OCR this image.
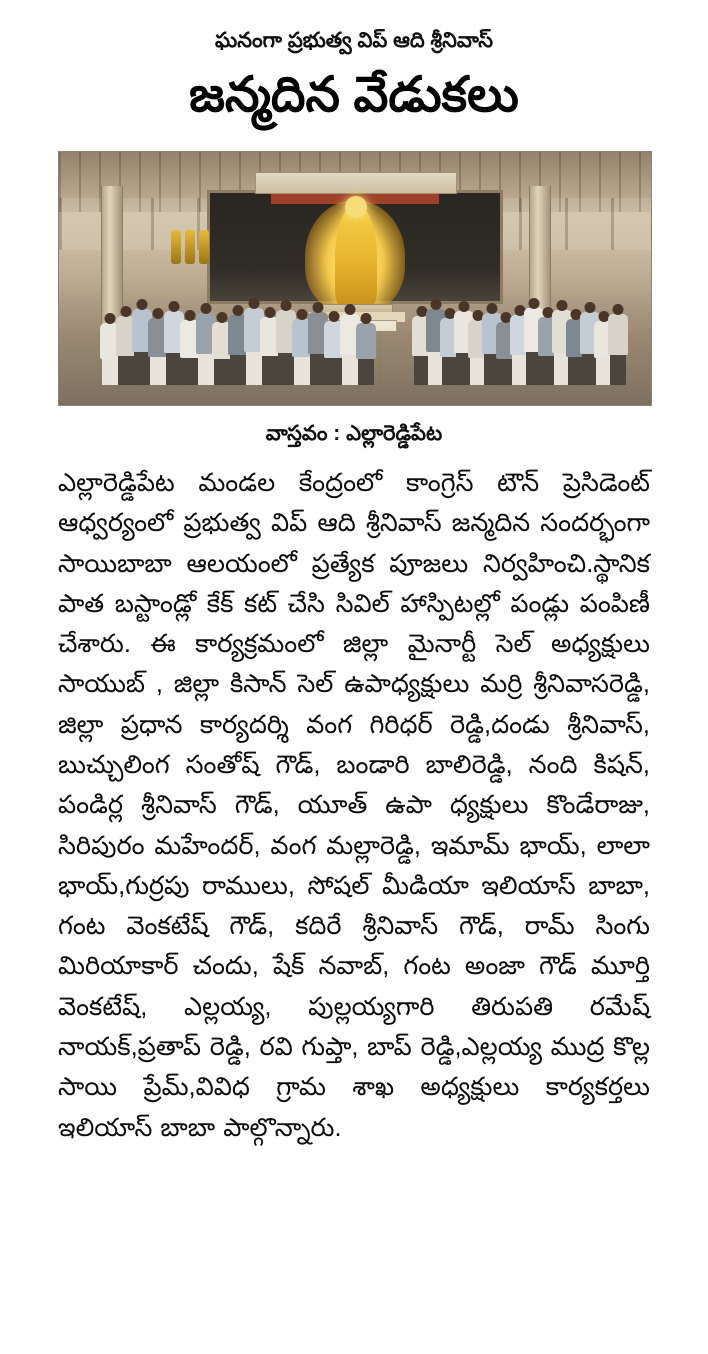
ఘనంగా ప్రభుత్వ విప్ ఆది శ్రీనివాస్
జన్మదిన వేడుకలు
వాస్తవం : ఎల్లారెడ్డిపేట
ఎల్లారెడ్డిపేట మండల కేంద్రంలో కాంగ్రెస్ టౌన్ ప్రెసిడెంట్ ఆధ్వర్యంలో ప్రభుత్వ విప్ ఆది శ్రీనివాస్ జన్మదిన సందర్భంగా సాయిబాబా ఆలయంలో ప్రత్యేక పూజలు నిర్వహించి.స్థానిక పాత బస్టాండ్లో కేక్ కట్ చేసి సివిల్ హాస్పిటల్లో పండ్లు పంపిణీ చేశారు. ఈ కార్యక్రమంలో జిల్లా మైనార్టీ సెల్ అధ్యక్షులు సాయుబ్ , జిల్లా కిసాన్ సెల్ ఉపాధ్యక్షులు మర్రి శ్రీనివాసరెడ్డి, జిల్లా ప్రధాన కార్యదర్శి వంగ గిరిధర్ రెడ్డి,దండు శ్రీనివాస్, బుచ్చులింగ సంతోష్ గౌడ్, బండారి బాలిరెడ్డి, నంది కిషన్, పండిర్ల శ్రీనివాస్ గౌడ్, యూత్ ఉపా ధ్యక్షులు కొండేరాజు, సిరిపురం మహేందర్, వంగ మల్లారెడ్డి, ఇమామ్ భాయ్, లాలా భాయ్,గుర్రపు రాములు, సోషల్ మీడియా ఇలియాస్ బాబా, గంట వెంకటేష్ గౌడ్, కదిరే శ్రీనివాస్ గౌడ్, రామ్ సింగు మిరియాకార్ చందు, షేక్ నవాబ్, గంట అంజా గౌడ్ మూర్తి వెంకటేష్, ఎల్లయ్య, పుల్లయ్యగారి తిరుపతి రమేష్ నాయక్,ప్రతాప్ రెడ్డి, రవి గుప్తా, బాప్ రెడ్డి,ఎల్లయ్య ముద్ర కొల్ల సాయి ప్రేమ్,వివిధ గ్రామ శాఖ అధ్యక్షులు కార్యకర్తలు ఇలియాస్ బాబా పాల్గొన్నారు.
